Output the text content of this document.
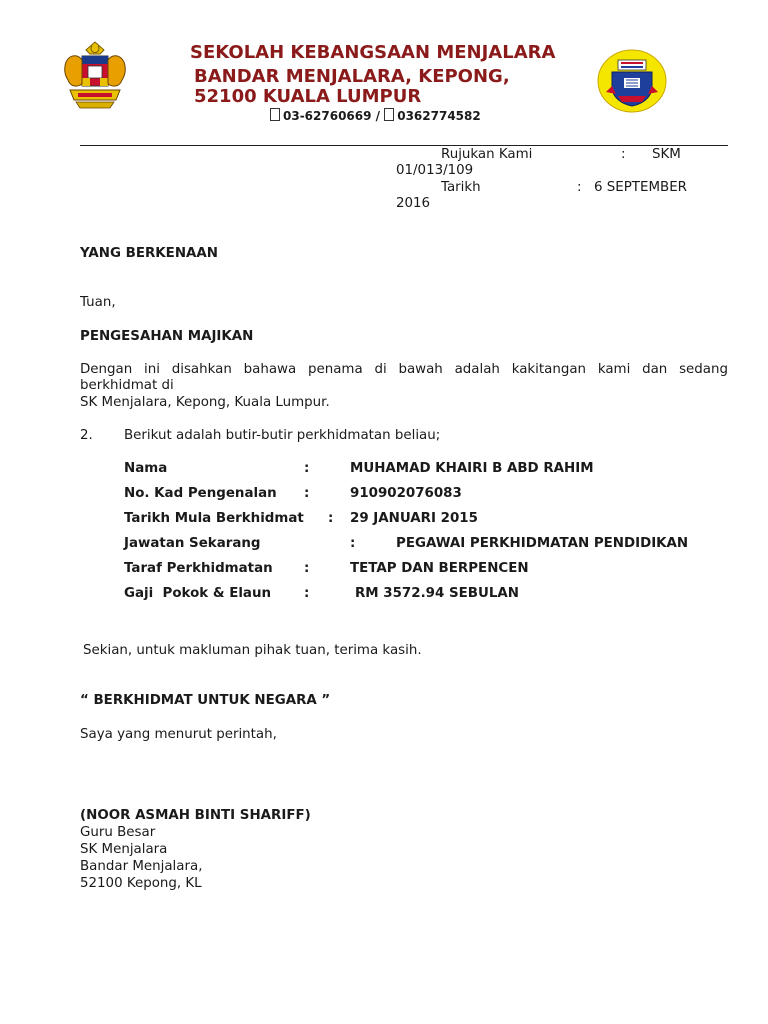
SEKOLAH KEBANGSAAN MENJALARA
BANDAR MENJALARA, KEPONG,
52100 KUALA LUMPUR
03-62760669 / 0362774582
Rujukan Kami	: SKM
01/013/109
Tarikh	: 6 SEPTEMBER
2016
YANG BERKENAAN
Tuan,
PENGESAHAN MAJIKAN
Dengan ini disahkan bahawa penama di bawah adalah kakitangan kami dan sedang
berkhidmat di
SK Menjalara, Kepong, Kuala Lumpur.
2. Berikut adalah butir-butir perkhidmatan beliau;
Nama	:	MUHAMAD KHAIRI B ABD RAHIM
No. Kad Pengenalan :	910902076083
Tarikh Mula Berkhidmat : 29 JANUARI 2015
Jawatan Sekarang	:	PEGAWAI PERKHIDMATAN PENDIDIKAN
Taraf Perkhidmatan :	TETAP DAN BERPENCEN
Gaji  Pokok & Elaun :	RM 3572.94 SEBULAN
Sekian, untuk makluman pihak tuan, terima kasih.
“ BERKHIDMAT UNTUK NEGARA ”
Saya yang menurut perintah,
(NOOR ASMAH BINTI SHARIFF)
Guru Besar
SK Menjalara
Bandar Menjalara,
52100 Kepong, KL
